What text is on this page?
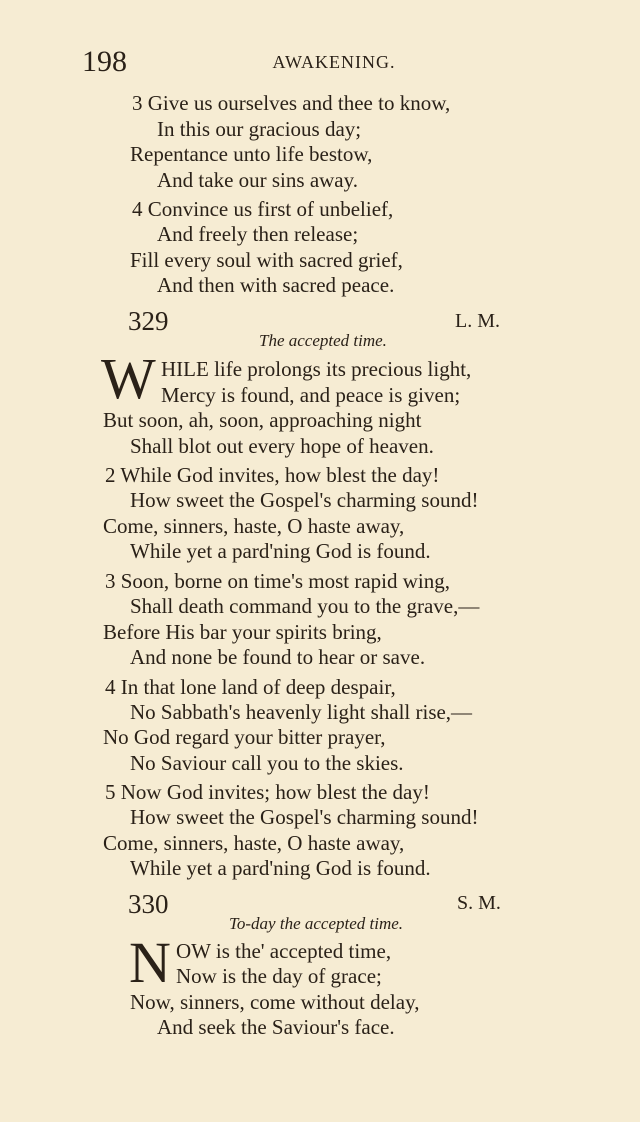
198	AWAKENING.
3 Give us ourselves and thee to know,
In this our gracious day;
Repentance unto life bestow,
And take our sins away.
4 Convince us first of unbelief,
And freely then release;
Fill every soul with sacred grief,
And then with sacred peace.
329	L. M.
The accepted time.
W HILE life prolongs its precious light,
Mercy is found, and peace is given;
But soon, ah, soon, approaching night
Shall blot out every hope of heaven.
2 While God invites, how blest the day!
How sweet the Gospel's charming sound!
Come, sinners, haste, O haste away,
While yet a pard'ning God is found.
3 Soon, borne on time's most rapid wing,
Shall death command you to the grave,—
Before His bar your spirits bring,
And none be found to hear or save.
4 In that lone land of deep despair,
No Sabbath's heavenly light shall rise,—
No God regard your bitter prayer,
No Saviour call you to the skies.
5 Now God invites; how blest the day!
How sweet the Gospel's charming sound!
Come, sinners, haste, O haste away,
While yet a pard'ning God is found.
330	S. M.
To-day the accepted time.
N OW is the' accepted time,
Now is the day of grace;
Now, sinners, come without delay,
And seek the Saviour's face.
